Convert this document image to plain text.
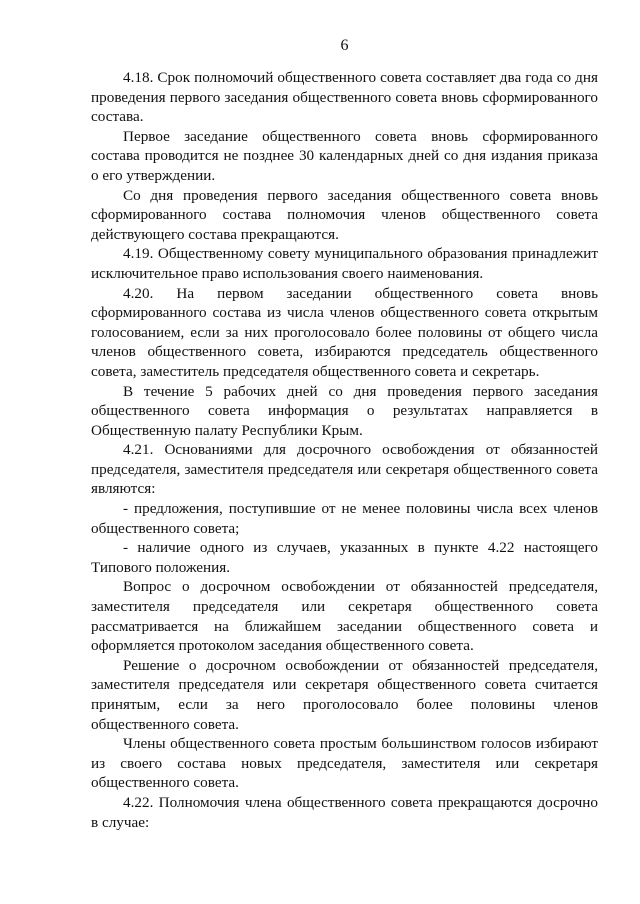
6

4.18. Срок полномочий общественного совета составляет два года со дня проведения первого заседания общественного совета вновь сформированного состава.

Первое заседание общественного совета вновь сформированного состава проводится не позднее 30 календарных дней со дня издания приказа о его утверждении.

Со дня проведения первого заседания общественного совета вновь сформированного состава полномочия членов общественного совета действующего состава прекращаются.

4.19. Общественному совету муниципального образования принадлежит исключительное право использования своего наименования.

4.20. На первом заседании общественного совета вновь сформированного состава из числа членов общественного совета открытым голосованием, если за них проголосовало более половины от общего числа членов общественного совета, избираются председатель общественного совета, заместитель председателя общественного совета и секретарь.

В течение 5 рабочих дней со дня проведения первого заседания общественного совета информация о результатах направляется в Общественную палату Республики Крым.

4.21. Основаниями для досрочного освобождения от обязанностей председателя, заместителя председателя или секретаря общественного совета являются:

- предложения, поступившие от не менее половины числа всех членов общественного совета;

- наличие одного из случаев, указанных в пункте 4.22 настоящего Типового положения.

Вопрос о досрочном освобождении от обязанностей председателя, заместителя председателя или секретаря общественного совета рассматривается на ближайшем заседании общественного совета и оформляется протоколом заседания общественного совета.

Решение о досрочном освобождении от обязанностей председателя, заместителя председателя или секретаря общественного совета считается принятым, если за него проголосовало более половины членов общественного совета.

Члены общественного совета простым большинством голосов избирают из своего состава новых председателя, заместителя или секретаря общественного совета.

4.22. Полномочия члена общественного совета прекращаются досрочно в случае:
